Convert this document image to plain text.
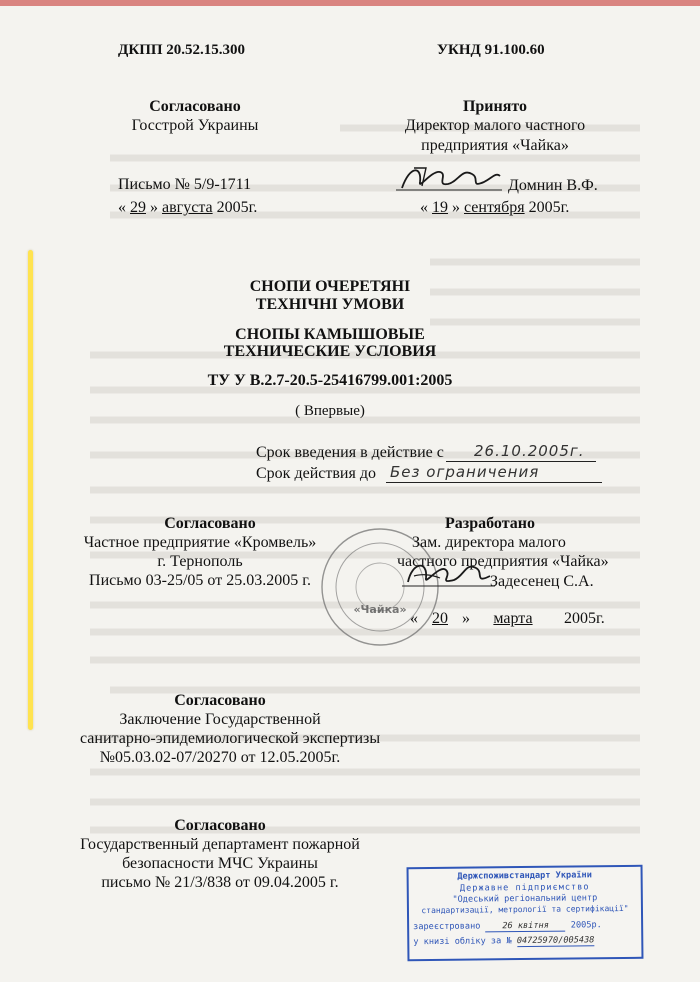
ДКПП 20.52.15.300	УКНД 91.100.60
Согласовано
Госстрой Украины
Письмо № 5/9-1711
« 29 » августа 2005г.
Принято
Директор малого частного
предприятия «Чайка»
Домнин В.Ф.
« 19 » сентября 2005г.
СНОПИ ОЧЕРЕТЯНІ
ТЕХНІЧНІ УМОВИ
СНОПЫ КАМЫШОВЫЕ
ТЕХНИЧЕСКИЕ УСЛОВИЯ
ТУ У В.2.7-20.5-25416799.001:2005
( Впервые)
Срок введения в действие с	26.10.2005г.
Срок действия до Без ограничения
Согласовано
Частное предприятие «Кромвель»
г. Тернополь
Письмо 03-25/05 от 25.03.2005 г.
«Чайка»
Разработано
Зам. директора малого
частного предприятия «Чайка»
Задесенец С.А.
« 20 » марта 2005г.
Согласовано
Заключение Государственной
санитарно-эпидемиологической экспертизы
№05.03.02-07/20270 от 12.05.2005г.
Согласовано
Государственный департамент пожарной
безопасности МЧС Украины
письмо № 21/3/838 от 09.04.2005 г.	Держспоживстандарт України
Державне підприємство
"Одеський регіональний центр
стандартизації, метрології та сертифікації"
зареєстровано	26 квітня	2005р.
у книзі обліку за № 04725970/005438
